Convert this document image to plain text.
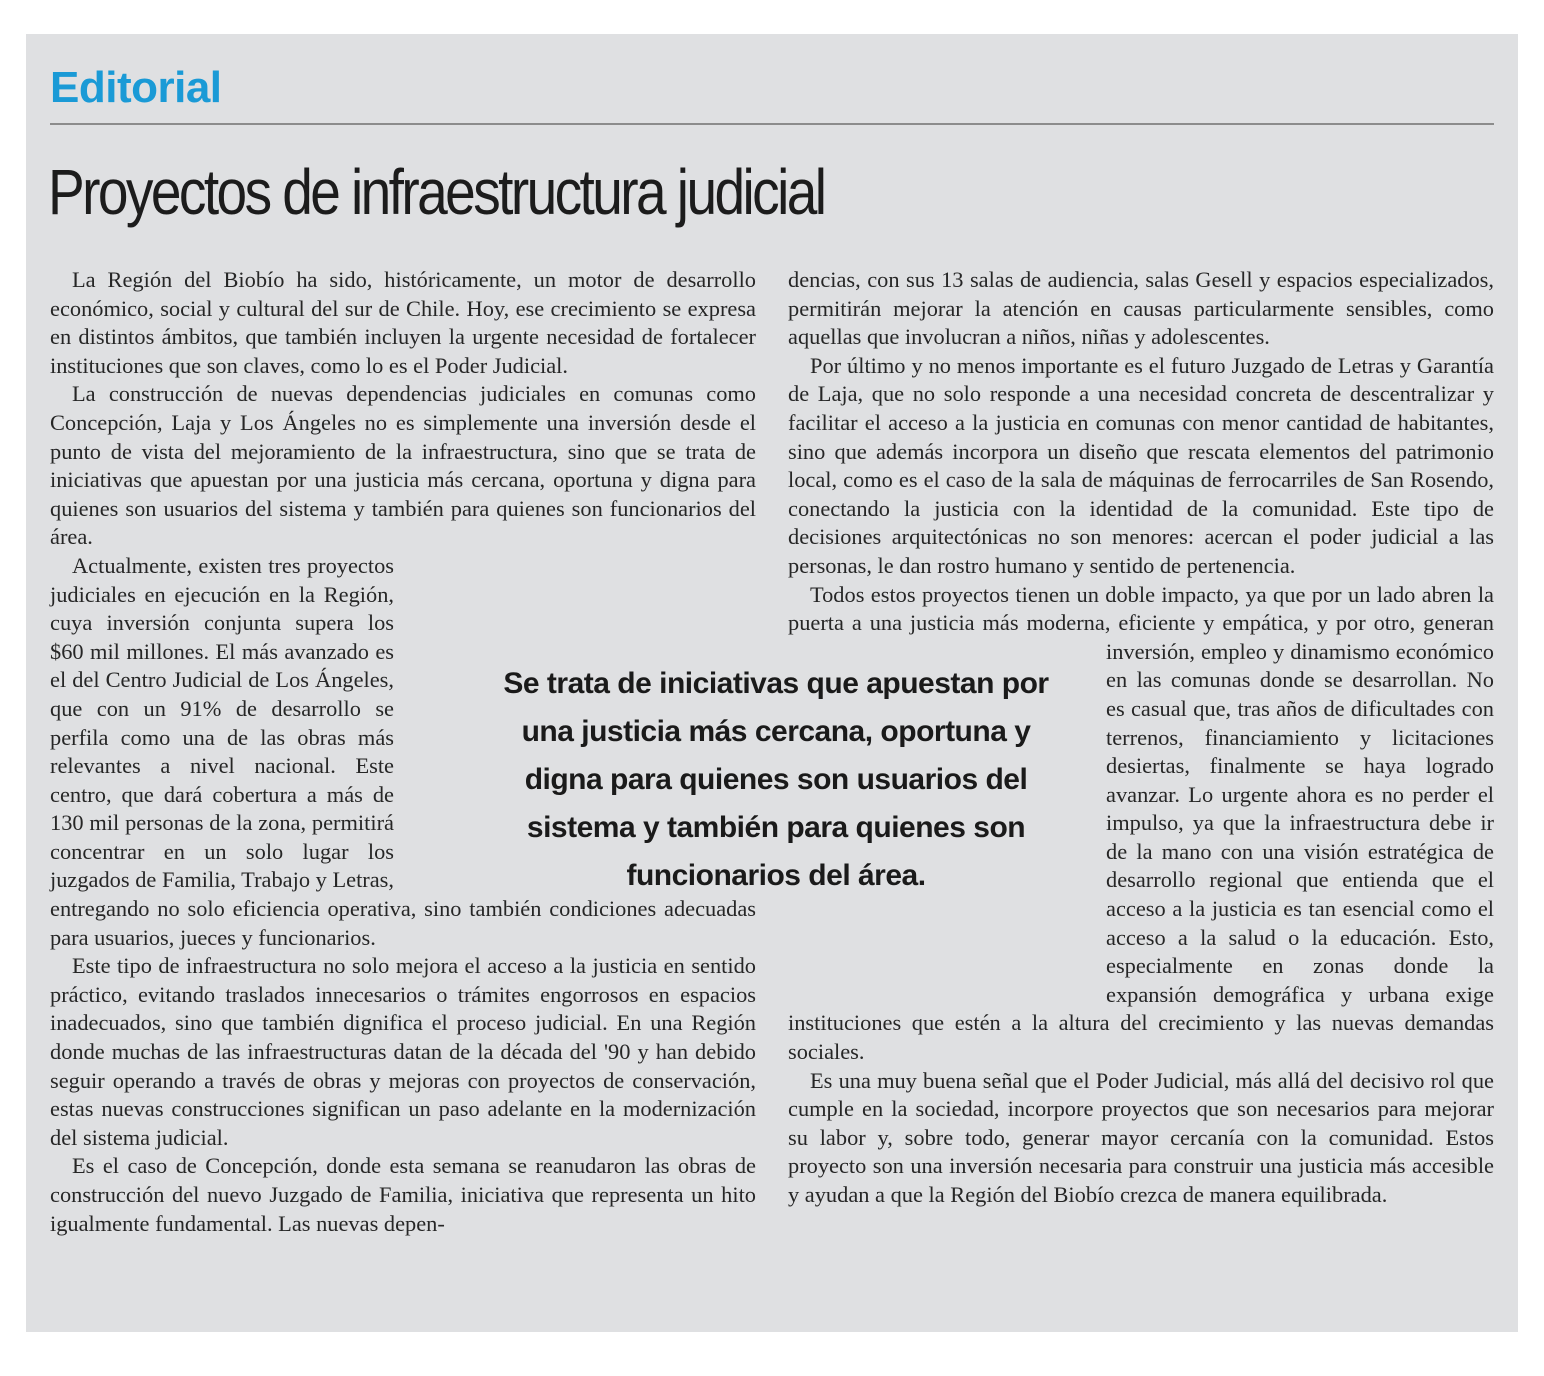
Editorial
Proyectos de infraestructura judicial

La Región del Biobío ha sido, históricamente, un motor de desarrollo económico, social y cultural del sur de Chile. Hoy, ese crecimiento se expresa en distintos ámbitos, que también incluyen la urgente necesidad de fortalecer instituciones que son claves, como lo es el Poder Judicial.

La construcción de nuevas dependencias judiciales en comunas como Concepción, Laja y Los Ángeles no es simplemente una inversión desde el punto de vista del mejoramiento de la infraestructura, sino que se trata de iniciativas que apuestan por una justicia más cercana, oportuna y digna para quienes son usuarios del sistema y también para quienes son funcionarios del área.

Actualmente, existen tres proyectos judiciales en ejecución en la Región, cuya inversión conjunta supera los $60 mil millones. El más avanzado es el del Centro Judicial de Los Ángeles, que con un 91% de desarrollo se perfila como una de las obras más relevantes a nivel nacional. Este centro, que dará cobertura a más de 130 mil personas de la zona, permitirá concentrar en un solo lugar los juzgados de Familia, Trabajo y Letras, entregando no solo eficiencia operativa, sino también condiciones adecuadas para usuarios, jueces y funcionarios.

Este tipo de infraestructura no solo mejora el acceso a la justicia en sentido práctico, evitando traslados innecesarios o trámites engorrosos en espacios inadecuados, sino que también dignifica el proceso judicial. En una Región donde muchas de las infraestructuras datan de la década del '90 y han debido seguir operando a través de obras y mejoras con proyectos de conservación, estas nuevas construcciones significan un paso adelante en la modernización del sistema judicial.

Es el caso de Concepción, donde esta semana se reanudaron las obras de construcción del nuevo Juzgado de Familia, iniciativa que representa un hito igualmente fundamental. Las nuevas depen-

dencias, con sus 13 salas de audiencia, salas Gesell y espacios especializados, permitirán mejorar la atención en causas particularmente sensibles, como aquellas que involucran a niños, niñas y adolescentes.

Por último y no menos importante es el futuro Juzgado de Letras y Garantía de Laja, que no solo responde a una necesidad concreta de descentralizar y facilitar el acceso a la justicia en comunas con menor cantidad de habitantes, sino que además incorpora un diseño que rescata elementos del patrimonio local, como es el caso de la sala de máquinas de ferrocarriles de San Rosendo, conectando la justicia con la identidad de la comunidad. Este tipo de decisiones arquitectónicas no son menores: acercan el poder judicial a las personas, le dan rostro humano y sentido de pertenencia.

Todos estos proyectos tienen un doble impacto, ya que por un lado abren la puerta a una justicia más moderna, eficiente y empática, y por otro, generan inversión, empleo y dinamismo económico en las comunas donde se desarrollan. No es casual que, tras años de dificultades con terrenos, financiamiento y licitaciones desiertas, finalmente se haya logrado avanzar. Lo urgente ahora es no perder el impulso, ya que la infraestructura debe ir de la mano con una visión estratégica de desarrollo regional que entienda que el acceso a la justicia es tan esencial como el acceso a la salud o la educación. Esto, especialmente en zonas donde la expansión demográfica y urbana exige instituciones que estén a la altura del crecimiento y las nuevas demandas sociales.

Es una muy buena señal que el Poder Judicial, más allá del decisivo rol que cumple en la sociedad, incorpore proyectos que son necesarios para mejorar su labor y, sobre todo, generar mayor cercanía con la comunidad. Estos proyecto son una inversión necesaria para construir una justicia más accesible y ayudan a que la Región del Biobío crezca de manera equilibrada.

Se trata de iniciativas que apuestan por una justicia más cercana, oportuna y digna para quienes son usuarios del sistema y también para quienes son funcionarios del área.
